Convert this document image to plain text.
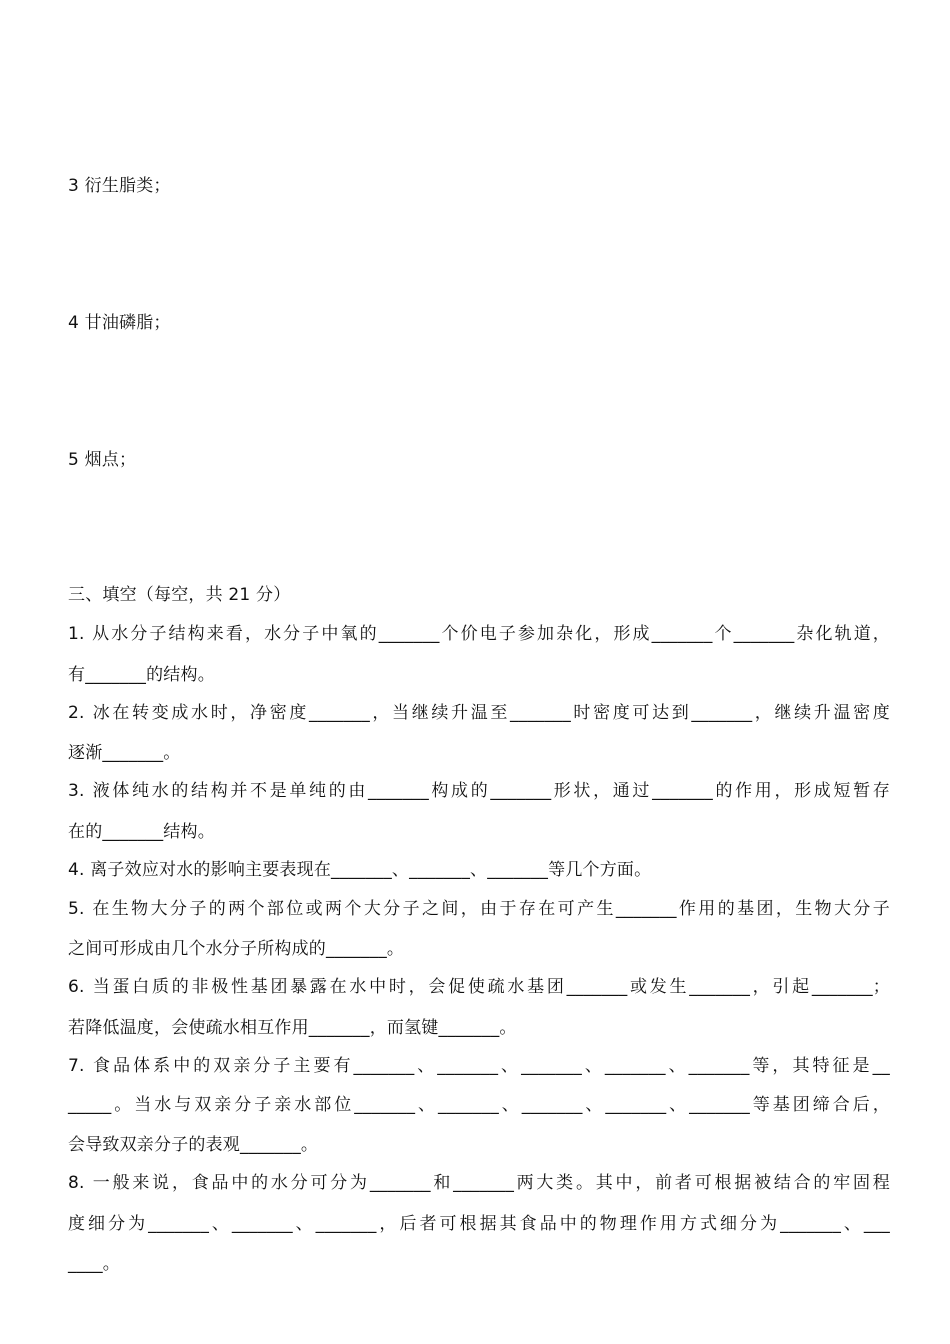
3 衍生脂类；
4 甘油磷脂；
5 烟点；
三、填空（每空，共 21 分）
1. 从水分子结构来看，水分子中氧的_______个价电子参加杂化，形成_______个_______杂化轨道，
有_______的结构。
2. 冰在转变成水时，净密度_______，当继续升温至_______时密度可达到_______，继续升温密度
逐渐_______。
3. 液体纯水的结构并不是单纯的由_______构成的_______形状，通过_______的作用，形成短暂存
在的_______结构。
4. 离子效应对水的影响主要表现在_______、_______、_______等几个方面。
5. 在生物大分子的两个部位或两个大分子之间，由于存在可产生_______作用的基团，生物大分子
之间可形成由几个水分子所构成的_______。
6. 当蛋白质的非极性基团暴露在水中时，会促使疏水基团_______或发生_______，引起_______；
若降低温度，会使疏水相互作用_______，而氢键_______。
7. 食品体系中的双亲分子主要有_______、_______、_______、_______、_______等，其特征是__
_____。当水与双亲分子亲水部位_______、_______、_______、_______、_______等基团缔合后，
会导致双亲分子的表观_______。
8. 一般来说，食品中的水分可分为_______和_______两大类。其中，前者可根据被结合的牢固程
度细分为_______、_______、_______，后者可根据其食品中的物理作用方式细分为_______、___
____。
